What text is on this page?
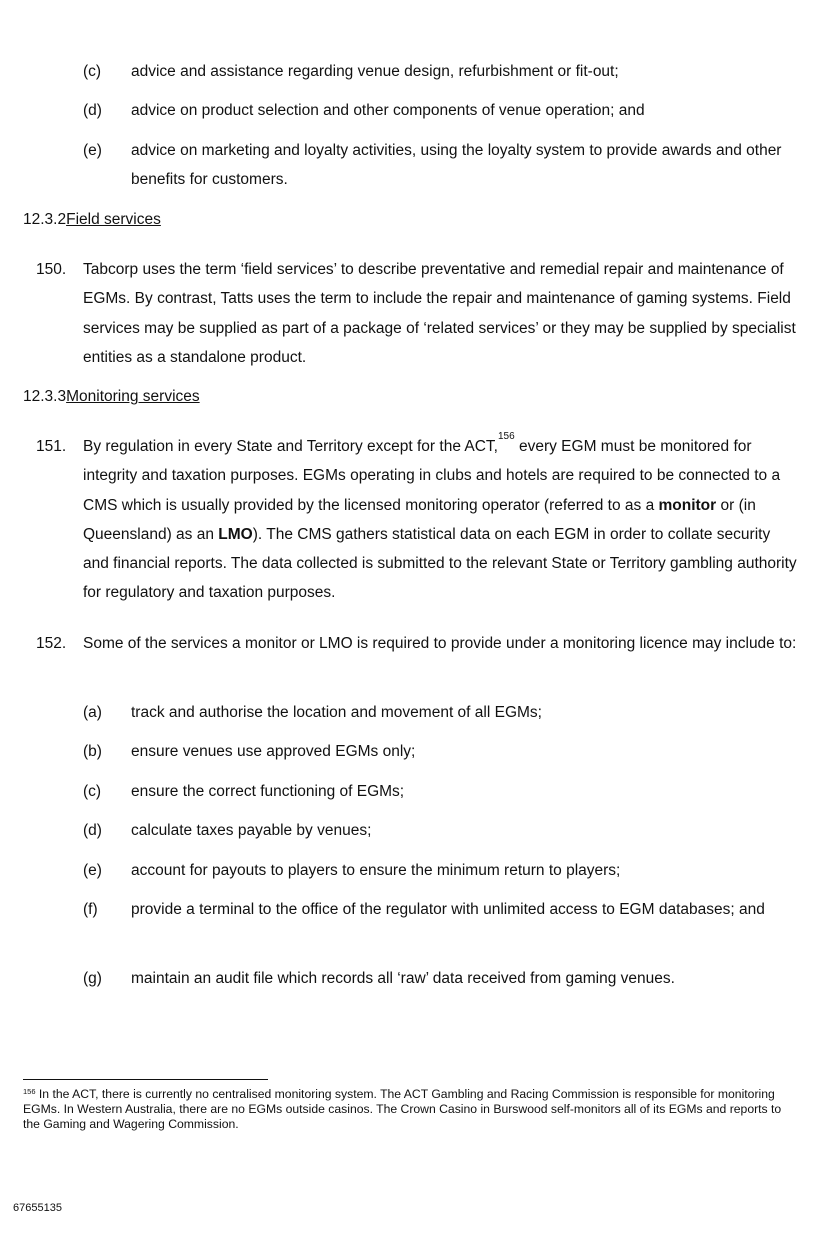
(c) advice and assistance regarding venue design, refurbishment or fit-out;
(d) advice on product selection and other components of venue operation; and
(e) advice on marketing and loyalty activities, using the loyalty system to provide awards and other benefits for customers.
12.3.2Field services
150. Tabcorp uses the term ‘field services’ to describe preventative and remedial repair and maintenance of EGMs. By contrast, Tatts uses the term to include the repair and maintenance of gaming systems. Field services may be supplied as part of a package of ‘related services’ or they may be supplied by specialist entities as a standalone product.
12.3.3Monitoring services
151. By regulation in every State and Territory except for the ACT,$^{156}$ every EGM must be monitored for integrity and taxation purposes. EGMs operating in clubs and hotels are required to be connected to a CMS which is usually provided by the licensed monitoring operator (referred to as a monitor or (in Queensland) as an LMO). The CMS gathers statistical data on each EGM in order to collate security and financial reports. The data collected is submitted to the relevant State or Territory gambling authority for regulatory and taxation purposes.
152. Some of the services a monitor or LMO is required to provide under a monitoring licence may include to:
(a) track and authorise the location and movement of all EGMs;
(b) ensure venues use approved EGMs only;
(c) ensure the correct functioning of EGMs;
(d) calculate taxes payable by venues;
(e) account for payouts to players to ensure the minimum return to players;
(f) provide a terminal to the office of the regulator with unlimited access to EGM databases; and
(g) maintain an audit file which records all ‘raw’ data received from gaming venues.
$^{156}$ In the ACT, there is currently no centralised monitoring system. The ACT Gambling and Racing Commission is responsible for monitoring EGMs. In Western Australia, there are no EGMs outside casinos. The Crown Casino in Burswood self-monitors all of its EGMs and reports to the Gaming and Wagering Commission.
67655135
